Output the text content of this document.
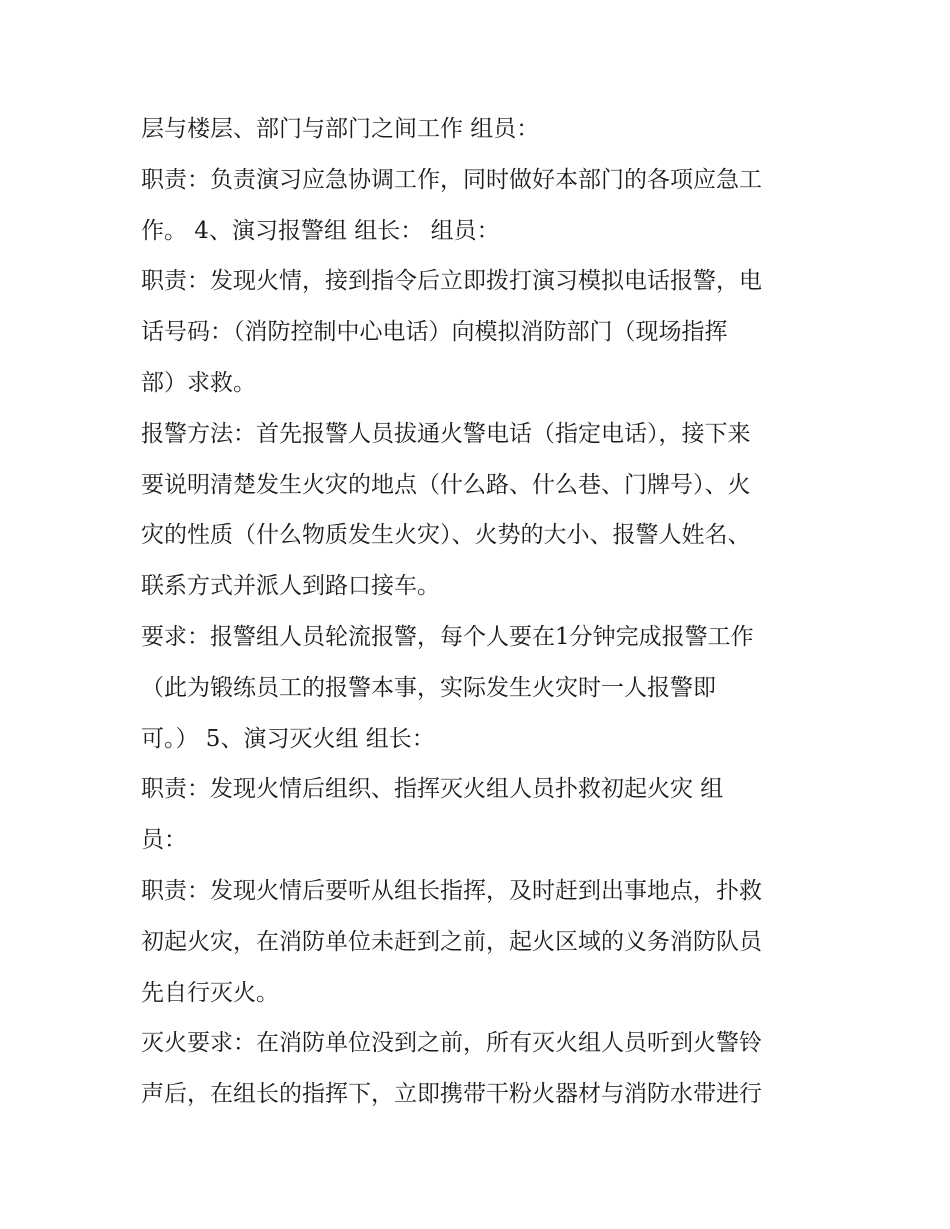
层与楼层、部门与部门之间工作 组员：
职责：负责演习应急协调工作，同时做好本部门的各项应急工
作。 4、演习报警组 组长： 组员：
职责：发现火情，接到指令后立即拨打演习模拟电话报警，电
话号码：（消防控制中心电话）向模拟消防部门（现场指挥
部）求救。
报警方法：首先报警人员拔通火警电话（指定电话），接下来
要说明清楚发生火灾的地点（什么路、什么巷、门牌号）、火
灾的性质（什么物质发生火灾）、火势的大小、报警人姓名、
联系方式并派人到路口接车。
要求：报警组人员轮流报警，每个人要在1分钟完成报警工作
（此为锻练员工的报警本事，实际发生火灾时一人报警即
可。） 5、演习灭火组 组长：
职责：发现火情后组织、指挥灭火组人员扑救初起火灾 组
员：
职责：发现火情后要听从组长指挥，及时赶到出事地点，扑救
初起火灾，在消防单位未赶到之前，起火区域的义务消防队员
先自行灭火。
灭火要求：在消防单位没到之前，所有灭火组人员听到火警铃
声后，在组长的指挥下，立即携带干粉火器材与消防水带进行
